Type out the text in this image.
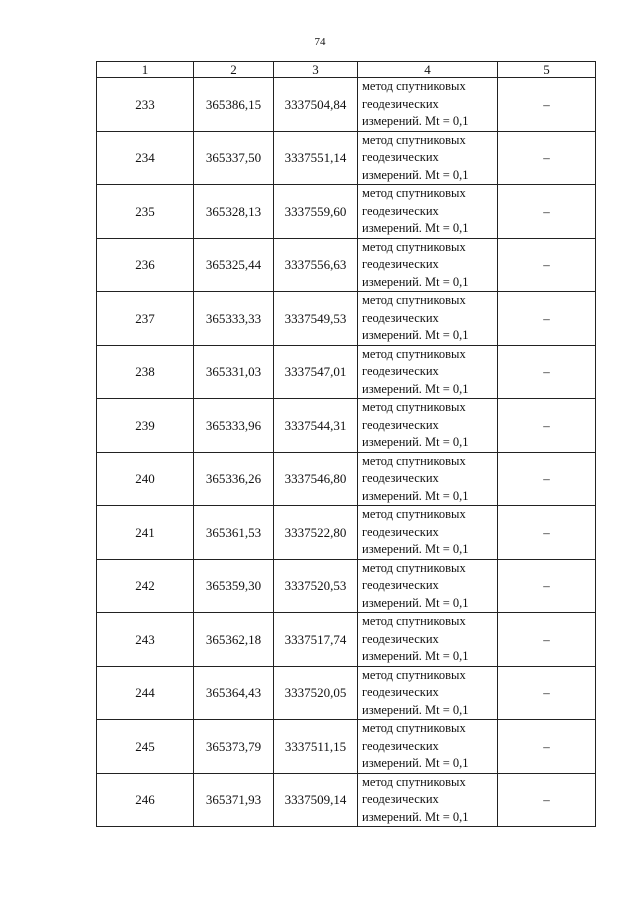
74
1	2	3	4	5
233	365386,15	3337504,84	метод спутниковых
геодезических
измерений. Mt = 0,1	–
234	365337,50	3337551,14	метод спутниковых
геодезических
измерений. Mt = 0,1	–
235	365328,13	3337559,60	метод спутниковых
геодезических
измерений. Mt = 0,1	–
236	365325,44	3337556,63	метод спутниковых
геодезических
измерений. Mt = 0,1	–
237	365333,33	3337549,53	метод спутниковых
геодезических
измерений. Mt = 0,1	–
238	365331,03	3337547,01	метод спутниковых
геодезических
измерений. Mt = 0,1	–
239	365333,96	3337544,31	метод спутниковых
геодезических
измерений. Mt = 0,1	–
240	365336,26	3337546,80	метод спутниковых
геодезических
измерений. Mt = 0,1	–
241	365361,53	3337522,80	метод спутниковых
геодезических
измерений. Mt = 0,1	–
242	365359,30	3337520,53	метод спутниковых
геодезических
измерений. Mt = 0,1	–
243	365362,18	3337517,74	метод спутниковых
геодезических
измерений. Mt = 0,1	–
244	365364,43	3337520,05	метод спутниковых
геодезических
измерений. Mt = 0,1	–
245	365373,79	3337511,15	метод спутниковых
геодезических
измерений. Mt = 0,1	–
246	365371,93	3337509,14	метод спутниковых
геодезических
измерений. Mt = 0,1	–
